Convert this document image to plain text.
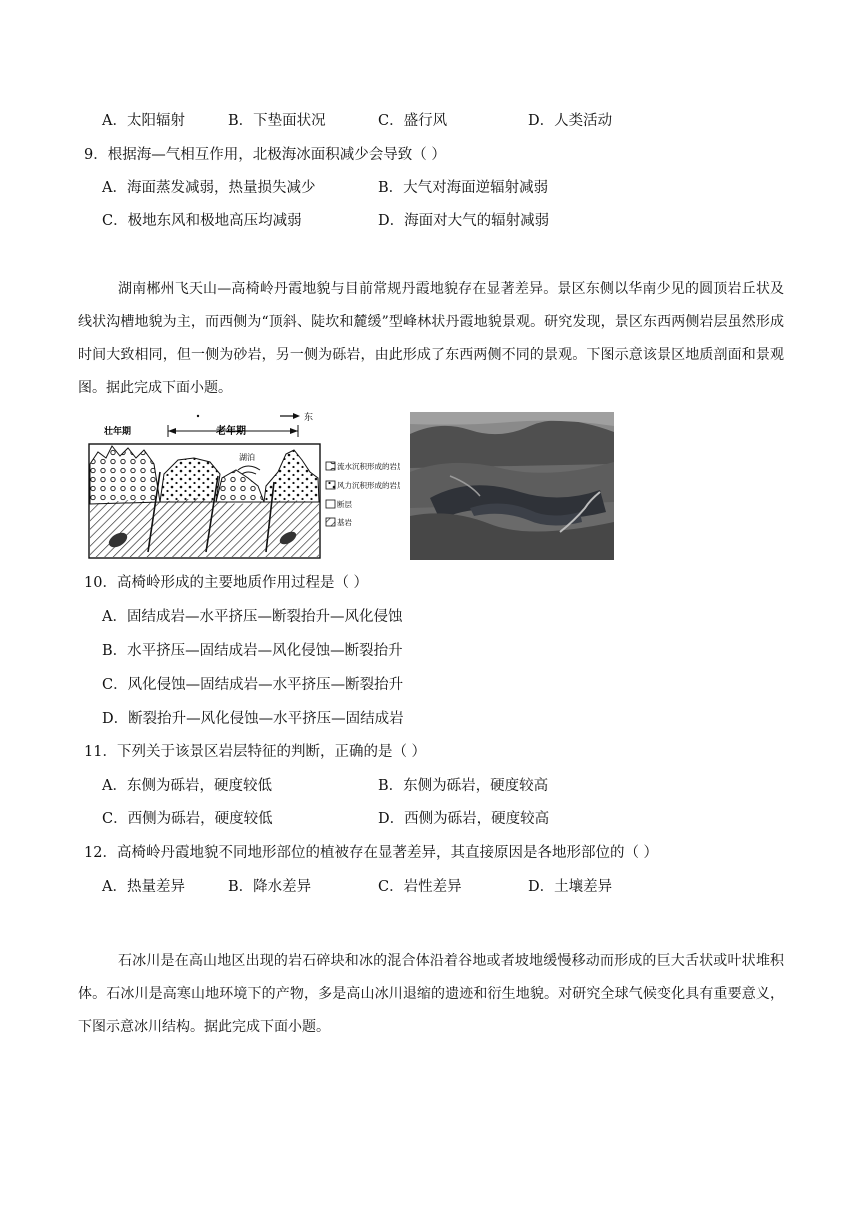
A．太阳辐射	B．下垫面状况	C．盛行风	D．人类活动
9．根据海—气相互作用，北极海冰面积减少会导致（ ）
A．海面蒸发减弱，热量损失减少	B．大气对海面逆辐射减弱
C．极地东风和极地高压均减弱	D．海面对大气的辐射减弱
湖南郴州飞天山—高椅岭丹霞地貌与目前常规丹霞地貌存在显著差异。景区东侧以华南少见的圆顶岩丘状及线状沟槽地貌为主，而西侧为“顶斜、陡坎和麓缓”型峰林状丹霞地貌景观。研究发现，景区东西两侧岩层虽然形成时间大致相同，但一侧为砂岩，另一侧为砾岩，由此形成了东西两侧不同的景观。下图示意该景区地质剖面和景观图。据此完成下面小题。
壮年期	老年期
东
湖泊
流水沉积形成的岩层
风力沉积形成的岩层
断层
基岩
10．高椅岭形成的主要地质作用过程是（ ）
A．固结成岩—水平挤压—断裂抬升—风化侵蚀
B．水平挤压—固结成岩—风化侵蚀—断裂抬升
C．风化侵蚀—固结成岩—水平挤压—断裂抬升
D．断裂抬升—风化侵蚀—水平挤压—固结成岩
11．下列关于该景区岩层特征的判断，正确的是（ ）
A．东侧为砾岩，硬度较低	B．东侧为砾岩，硬度较高
C．西侧为砾岩，硬度较低	D．西侧为砾岩，硬度较高
12．高椅岭丹霞地貌不同地形部位的植被存在显著差异，其直接原因是各地形部位的（ ）
A．热量差异	B．降水差异	C．岩性差异	D．土壤差异
石冰川是在高山地区出现的岩石碎块和冰的混合体沿着谷地或者坡地缓慢移动而形成的巨大舌状或叶状堆积体。石冰川是高寒山地环境下的产物，多是高山冰川退缩的遗迹和衍生地貌。对研究全球气候变化具有重要意义，下图示意冰川结构。据此完成下面小题。
